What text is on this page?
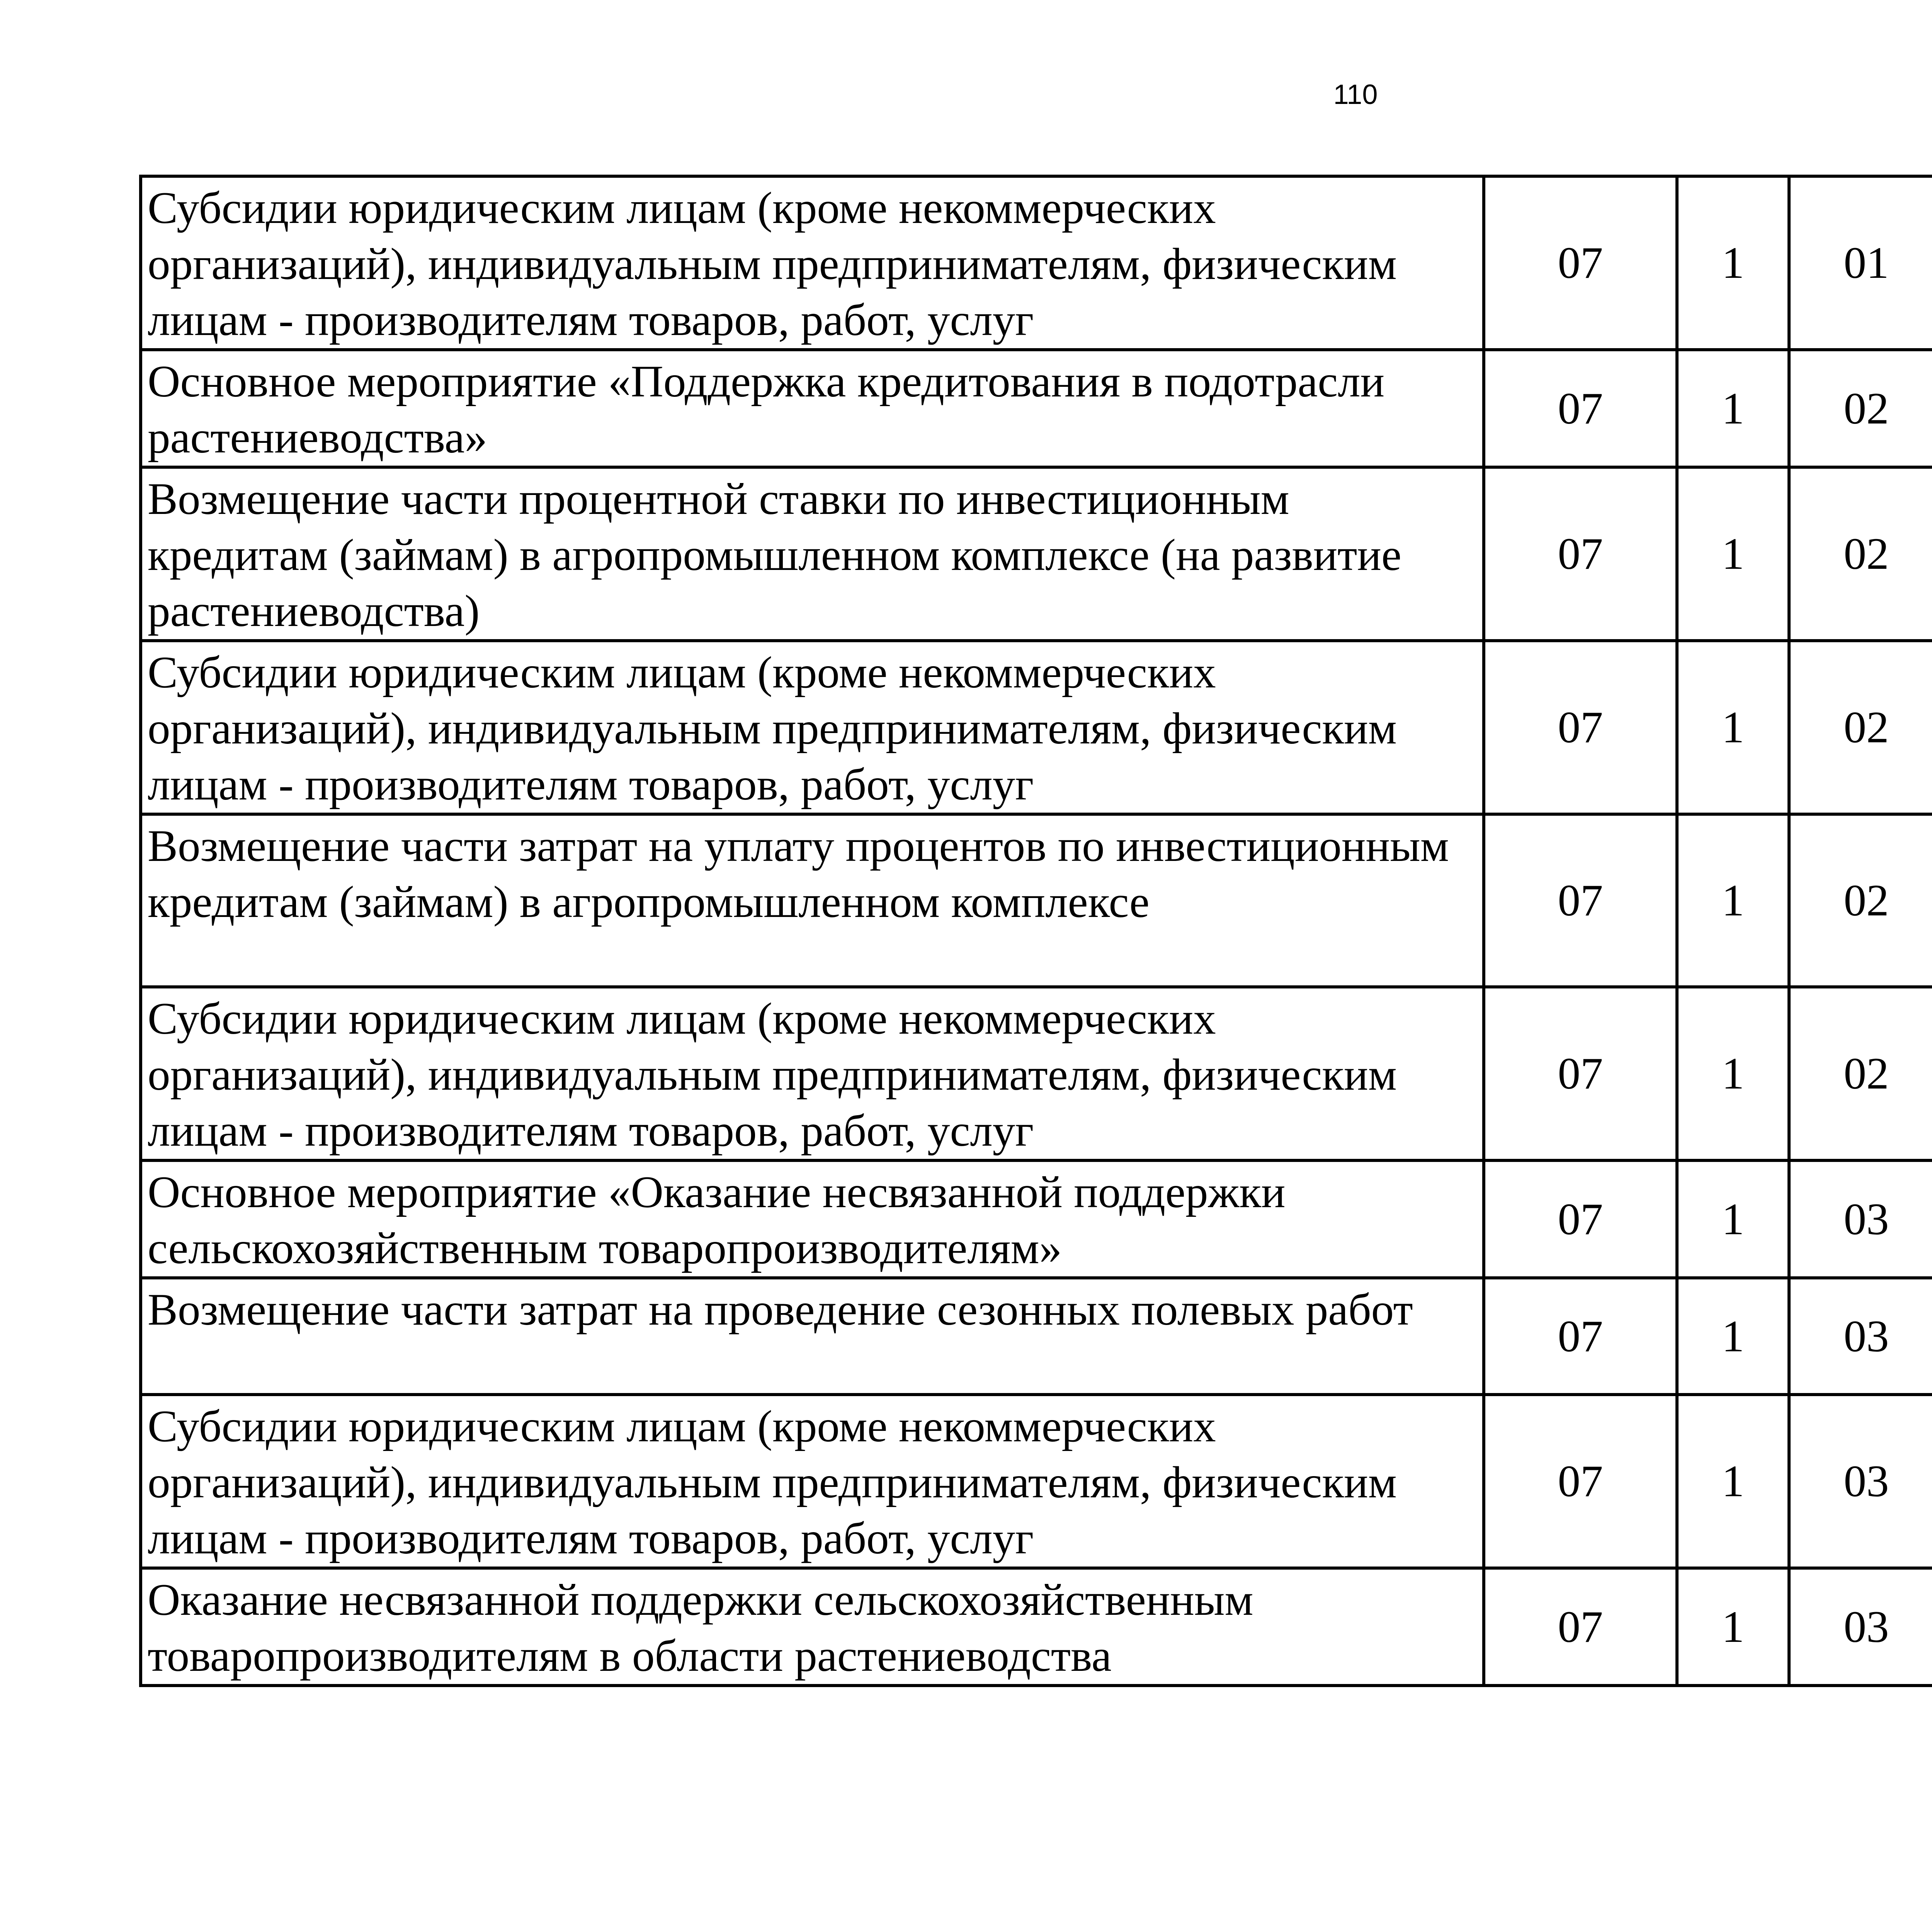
110
Субсидии юридическим лицам (кроме некоммерческих организаций), индивидуальным предпринимателям, физическим лицам - производителям товаров, работ, услуг	07	1	01			
Основное мероприятие «Поддержка кредитования в подотрасли растениеводства»	07	1	02			
Возмещение части процентной ставки по инвестиционным кредитам (займам) в агропромышленном комплексе (на развитие растениеводства)	07	1	02			
Субсидии юридическим лицам (кроме некоммерческих организаций), индивидуальным предпринимателям, физическим лицам - производителям товаров, работ, услуг	07	1	02			
Возмещение части затрат на уплату процентов по инвестиционным кредитам (займам) в агропромышленном комплексе	07	1	02			
Субсидии юридическим лицам (кроме некоммерческих организаций), индивидуальным предпринимателям, физическим лицам - производителям товаров, работ, услуг	07	1	02			
Основное мероприятие «Оказание несвязанной поддержки сельскохозяйственным товаропроизводителям»	07	1	03			
Возмещение части затрат на проведение сезонных полевых работ	07	1	03			
Субсидии юридическим лицам (кроме некоммерческих организаций), индивидуальным предпринимателям, физическим лицам - производителям товаров, работ, услуг	07	1	03			
Оказание несвязанной поддержки сельскохозяйственным товаропроизводителям в области растениеводства	07	1	03			
